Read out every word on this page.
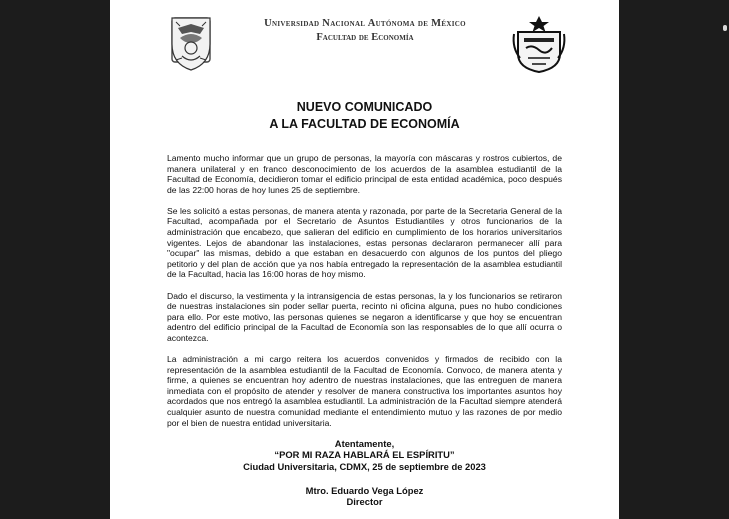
Universidad Nacional Autónoma de México
Facultad de Economía
NUEVO COMUNICADO
A LA FACULTAD DE ECONOMÍA

Lamento mucho informar que un grupo de personas, la mayoría con máscaras y rostros cubiertos, de manera unilateral y en franco desconocimiento de los acuerdos de la asamblea estudiantil de la Facultad de Economía, decidieron tomar el edificio principal de esta entidad académica, poco después de las 22:00 horas de hoy lunes 25 de septiembre.

Se les solicitó a estas personas, de manera atenta y razonada, por parte de la Secretaria General de la Facultad, acompañada por el Secretario de Asuntos Estudiantiles y otros funcionarios de la administración que encabezo, que salieran del edificio en cumplimiento de los horarios universitarios vigentes. Lejos de abandonar las instalaciones, estas personas declararon permanecer allí para "ocupar" las mismas, debido a que estaban en desacuerdo con algunos de los puntos del pliego petitorio y del plan de acción que ya nos había entregado la representación de la asamblea estudiantil de la Facultad, hacia las 16:00 horas de hoy mismo.

Dado el discurso, la vestimenta y la intransigencia de estas personas, la y los funcionarios se retiraron de nuestras instalaciones sin poder sellar puerta, recinto ni oficina alguna, pues no hubo condiciones para ello. Por este motivo, las personas quienes se negaron a identificarse y que hoy se encuentran adentro del edificio principal de la Facultad de Economía son las responsables de lo que allí ocurra o acontezca.

La administración a mi cargo reitera los acuerdos convenidos y firmados de recibido con la representación de la asamblea estudiantil de la Facultad de Economía. Convoco, de manera atenta y firme, a quienes se encuentran hoy adentro de nuestras instalaciones, que las entreguen de manera inmediata con el propósito de atender y resolver de manera constructiva los importantes asuntos hoy acordados que nos entregó la asamblea estudiantil. La administración de la Facultad siempre atenderá cualquier asunto de nuestra comunidad mediante el entendimiento mutuo y las razones de por medio por el bien de nuestra entidad universitaria.

Atentamente,
“POR MI RAZA HABLARÁ EL ESPÍRITU”
Ciudad Universitaria, CDMX, 25 de septiembre de 2023
Mtro. Eduardo Vega López
Director
